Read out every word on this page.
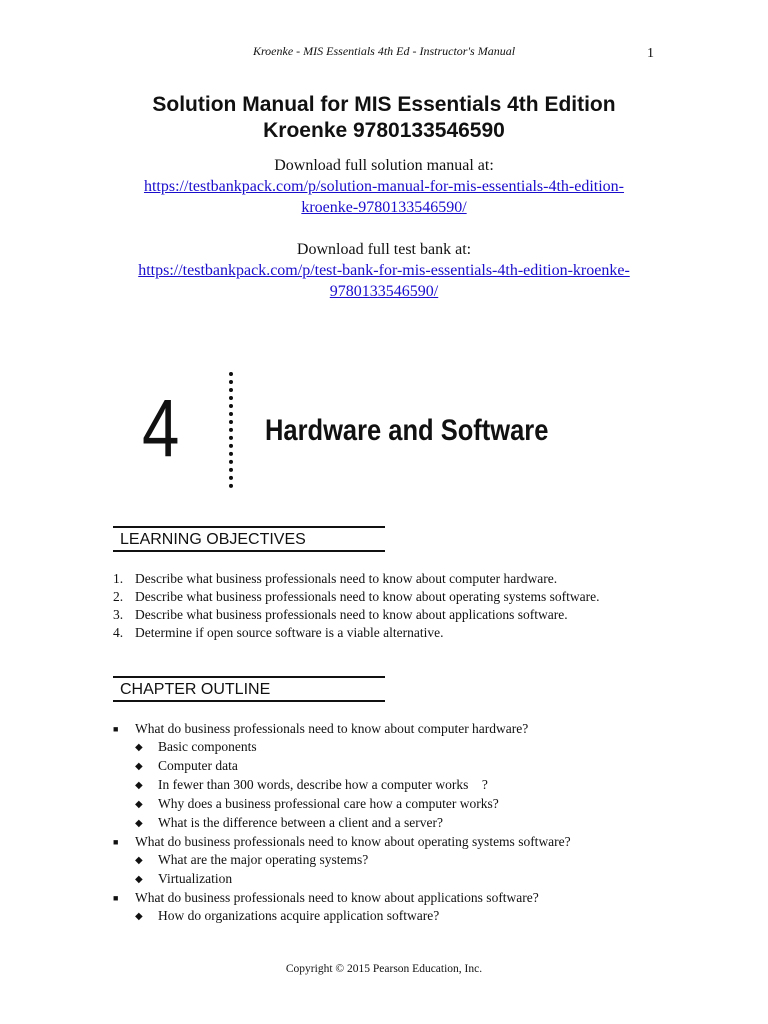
Kroenke - MIS Essentials 4th Ed - Instructor's Manual	1
Solution Manual for MIS Essentials 4th Edition
Kroenke 9780133546590
Download full solution manual at:
https://testbankpack.com/p/solution-manual-for-mis-essentials-4th-edition-
kroenke-9780133546590/
Download full test bank at:
https://testbankpack.com/p/test-bank-for-mis-essentials-4th-edition-kroenke-
9780133546590/
4	Hardware and Software
LEARNING OBJECTIVES
1. Describe what business professionals need to know about computer hardware.
2. Describe what business professionals need to know about operating systems software.
3. Describe what business professionals need to know about applications software.
4. Determine if open source software is a viable alternative.
CHAPTER OUTLINE
■ What do business professionals need to know about computer hardware?
◆ Basic components
◆ Computer data
◆ In fewer than 300 words, describe how a computer works    ?
◆ Why does a business professional care how a computer works?
◆ What is the difference between a client and a server?
■ What do business professionals need to know about operating systems software?
◆ What are the major operating systems?
◆ Virtualization
■ What do business professionals need to know about applications software?
◆ How do organizations acquire application software?
Copyright © 2015 Pearson Education, Inc.
